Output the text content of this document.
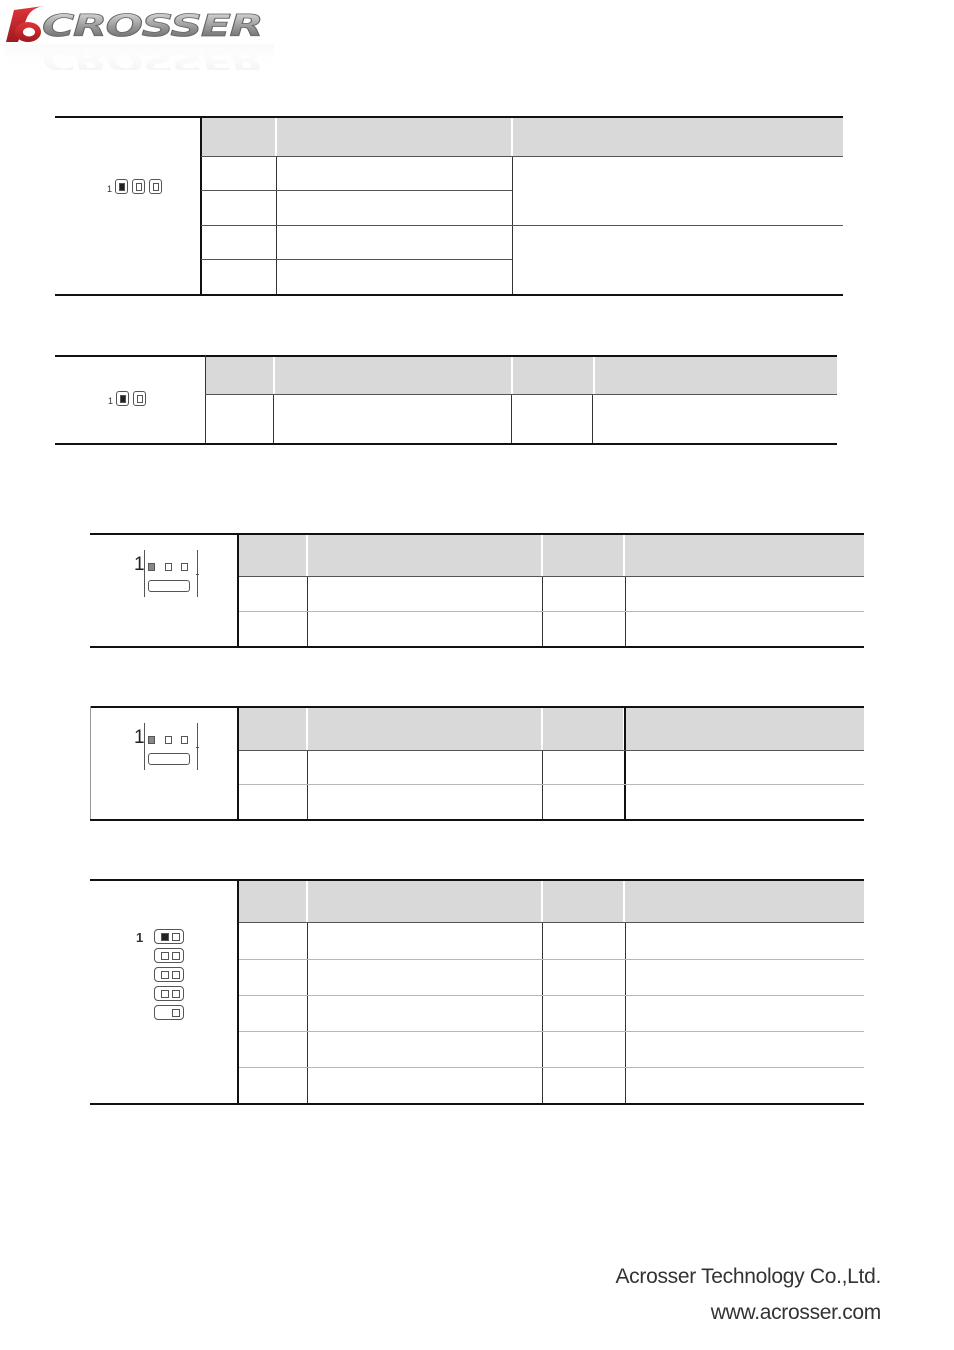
CROSSER
CROSSER
1
1
1
1
1
Acrosser Technology Co.,Ltd.
www.acrosser.com
